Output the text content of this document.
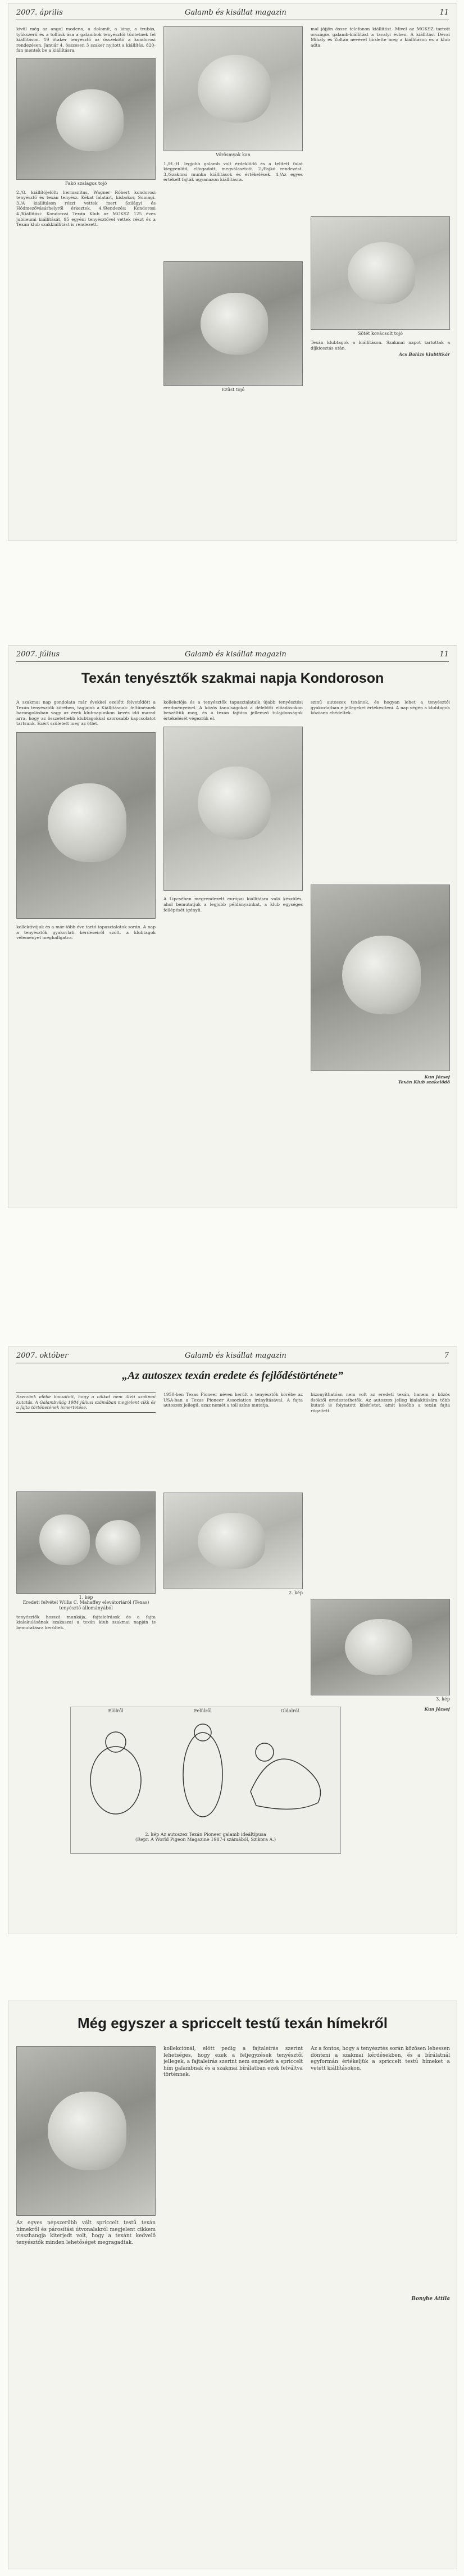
2007. április	Galamb és kisállat magazin	11

kívül még az angol modena, a dolomit, a king, a trubás, tyúkszerű és a tollúsk ása a galambok tenyésztői tűntetnek fel kiállításon. 19 ötaker tenyésztő az összekötő a kondorosi rendezésen. Január 4, összesen 3 szaker nyitott a kiállítás, 820-fan mentek be a kiállításra.

Fakó szalagos tojó

2./G. kiállítójelölt: hermanitus, Wagner Róbert kondorosi tenyésztő és texán tenyész. Kékat falatárt, kisbokor, Sumagi. 3./A kiállításon részt vettek mert Szilágyi és Hódmezővásárhelyről érkeztek. 4./Rendezés: Kondorosi 4./Kiállítási: Kondorosi Texán Klub az MGKSZ 125 éves jubileumi kiállítását, 95 egyéni tenyésztővel vettek részt és a Texán klub szakkiállítást is rendezett.

Vörösmyak kan

1./H.-H. legjobb galamb volt érdeklődő és a telített falat kiegyenlítő, elfogadott, megválasztott. 2./Pajkó rendezést. 3./Szakmai munka kiállítások és értékelések. 4./Az egyes értékelt fajták ugyanazon kiállításra.

Ezüst tojó

mal jöjjön össze telefonon kiállítást. Mivel az MGKSZ tartott országos galamb-kiállítást a tavalyi évben. A kiállítást Dévai Mihály és Zoltán nevével hirdette meg a kiállításon és a klub adta.

Sötét kovácsolt tojó

Texán klubtagok a kiállításon. Szakmai napot tartottak a díjkiosztás után.

Ács Balázs klubtitkár

2007. július	Galamb és kisállat magazin	11
Texán tenyésztők szakmai napja Kondoroson

A szakmai nap gondolata már évekkel ezelőtt felvetődött a Texán tenyésztők körében, tagjaink a Kiállításnak: feltűnésnek barangolásban vagy az évek klubnapunkon kevés idő marad arra, hogy az összetettebb klubtagokkal szorosabb kapcsolatot tartsunk. Ezért született meg az ötlet.

kollektívájuk és a már több éve tartó tapasztalatok során. A nap a tenyésztők gyakorlati kérdéseiről szólt, a klubtagok véleményét meghallgatva.

kollekciója és a tenyésztők tapasztalataik újabb tenyésztési eredményeivel. A közös tanulságokat a délelőtti előadásokon beszéltük meg, és a texán fajtára jellemző tulajdonságok értékelését végeztük el.

A Lipcsében megrendezett európai kiállításra való készülés, ahol bemutatjuk a legjobb példányainkat, a klub egységes fellépését igényli.

színű autoszex texánok, és hogyan lehet a tenyésztői gyakorlatban e jellegeket értékesíteni. A nap végén a klubtagok közösen ebédeltek.

Kun József
Texán Klub szakelődő

2007. október	Galamb és kisállat magazin	7
„Az autoszex texán eredete és fejlődéstörténete”

Szerzőnk elébe bocsátott, hogy a cikket nem illeti szakmai kutatás. A Galambvilág 1984 júliusi számában megjelent cikk és a fajta történetének ismertetése.

1. kép
Eredeti felvétel Willis C. Mahaffey elevátoriáról (Texas) tenyésztő állományából

tenyésztők hosszú munkája, fajtaleírások és a fajta kialakulásának szakaszai a texán klub szakmai napján is bemutatásra kerültek.

1950-ben Texas Pioneer néven került a tenyésztők körébe az USA-ban a Texas Pioneer Association irányításával. A fajta autoszex jellegű, azaz nemét a toll színe mutatja.

2. kép

bizonyíthatóan nem volt az eredeti texán, hanem a közös ősöktől eredeztethetők. Az autoszex jelleg kialakítására több kutató is folytatott kísérletet, amit később a texán fajta rögzített.

3. kép

Kun József

Elölről	Felülről	Oldalról
2. kép Az autoszex Texán Pioneer galamb ideáltípusa
(Repr. A World Pigeon Magazine 1987-i számából, Szikora A.)
Még egyszer a spriccelt testű texán hímekről

Az egyes népszerűbb vált spriccelt testű texán hímekről és párosítási útvonalakról megjelent cikkem visszhangja kiterjedt volt, hogy a texánt kedvelő tenyésztők minden lehetőséget megragadtak.

kollekciónál, előtt pedig a fajtaleírás szerint lehetséges, hogy ezek a feljegyzések tenyésztői jellegek, a fajtaleírás szerint nem engedett a spriccelt hím galambnak és a szakmai bírálatban ezek felváltva történnek.

Az a fontos, hogy a tenyésztés során közösen lehessen dönteni a szakmai kérdésekben, és a bírálatnál egyformán értékeljük a spriccelt testű hímeket a vetett kiállításokon.

Bonyhe Attila
